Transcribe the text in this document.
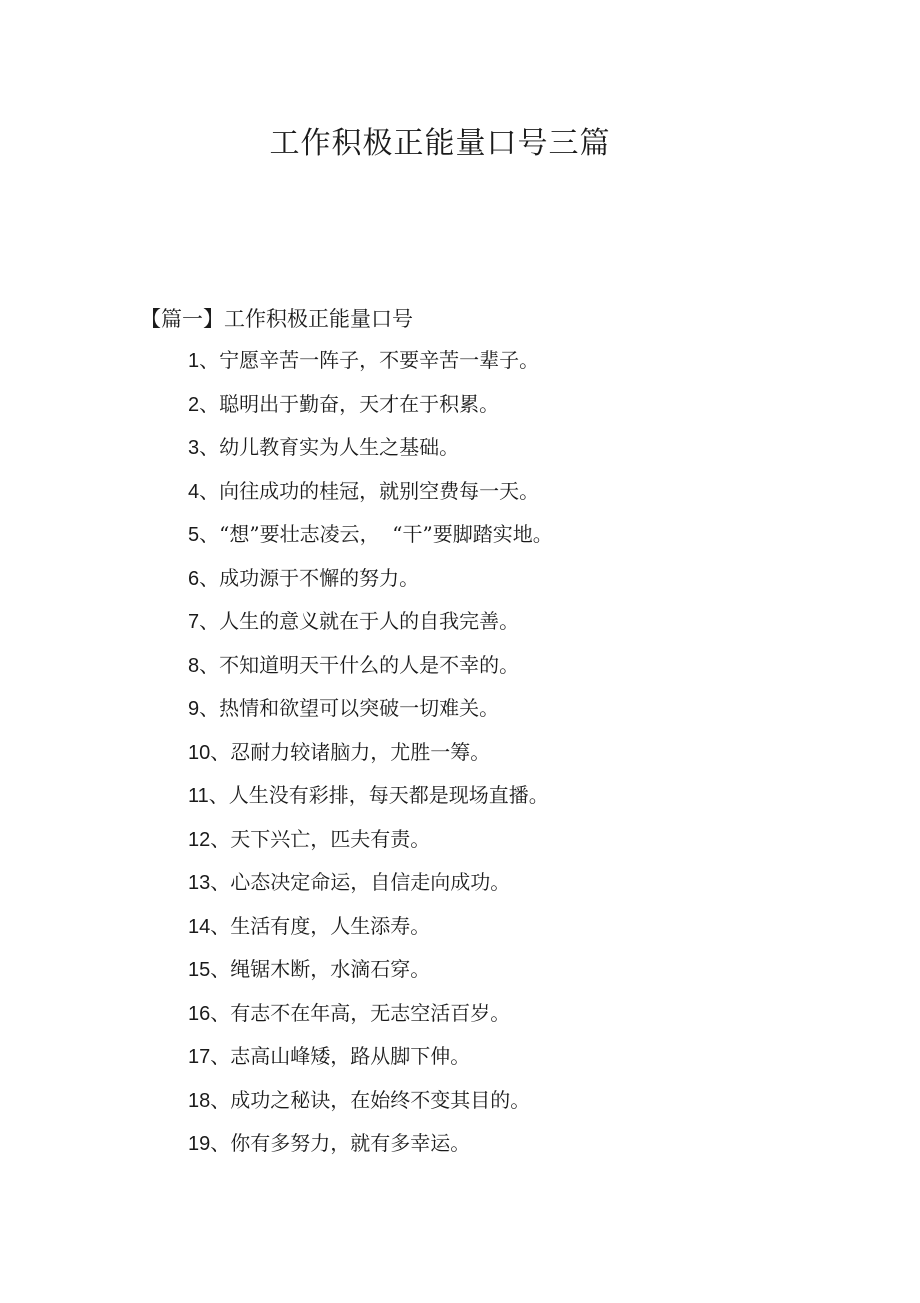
工作积极正能量口号三篇
【篇一】工作积极正能量口号
1、宁愿辛苦一阵子，不要辛苦一辈子。
2、聪明出于勤奋，天才在于积累。
3、幼儿教育实为人生之基础。
4、向往成功的桂冠，就别空费每一天。
5、“想”要壮志凌云，  “干”要脚踏实地。
6、成功源于不懈的努力。
7、人生的意义就在于人的自我完善。
8、不知道明天干什么的人是不幸的。
9、热情和欲望可以突破一切难关。
10、忍耐力较诸脑力，尤胜一筹。
11、人生没有彩排，每天都是现场直播。
12、天下兴亡，匹夫有责。
13、心态决定命运，自信走向成功。
14、生活有度，人生添寿。
15、绳锯木断，水滴石穿。
16、有志不在年高，无志空活百岁。
17、志高山峰矮，路从脚下伸。
18、成功之秘诀，在始终不变其目的。
19、你有多努力，就有多幸运。
